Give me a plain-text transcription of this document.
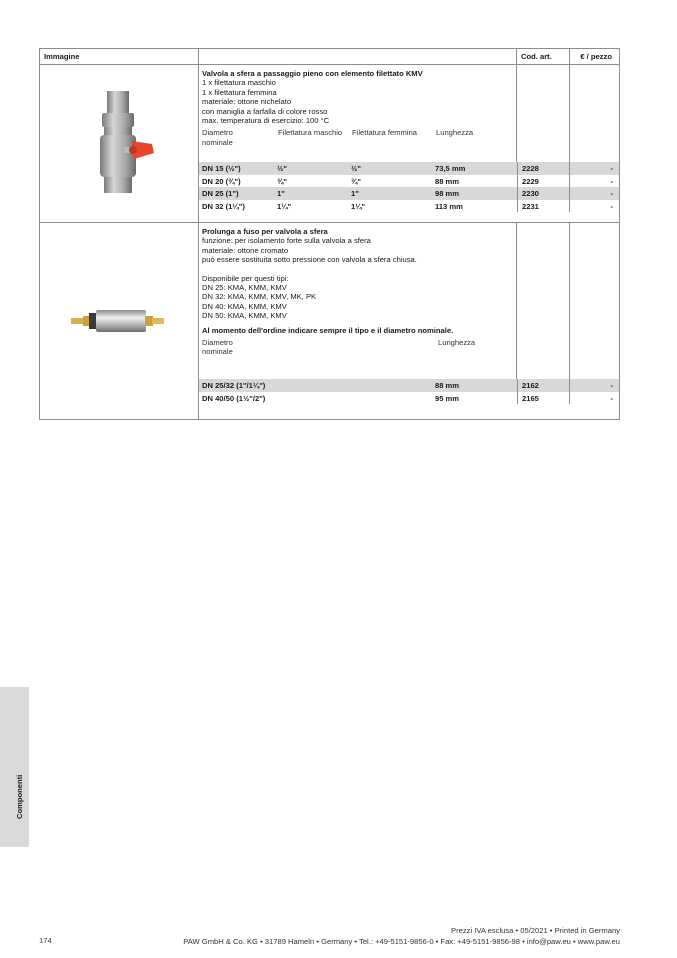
Immagine	Cod. art.	€ / pezzo
Valvola a sfera a passaggio pieno con elemento filettato KMV
1 x filettatura maschio
1 x filettatura femmina
materiale: ottone nichelato
con maniglia a farfalla di colore rosso
max. temperatura di esercizio: 100 °C
Diametro nominale
Filettatura maschio	Filettatura femmina	Lunghezza
DN 15 (½")	½"	½"	73,5 mm	2228	-
DN 20 (¾")	¾"	¾"	88 mm	2229	-
DN 25 (1")	1"	1"	98 mm	2230	-
DN 32 (1¼")	1¼"	1¼"	113 mm	2231	-
Prolunga a fuso per valvola a sfera
funzione: per isolamento forte sulla valvola a sfera
materiale: ottone cromato
può essere sostituita sotto pressione con valvola a sfera chiusa.
Disponibile per questi tipi:
DN 25: KMA, KMM, KMV
DN 32: KMA, KMM, KMV, MK, PK
DN 40: KMA, KMM, KMV
DN 50: KMA, KMM, KMV
Al momento dell'ordine indicare sempre il tipo e il diametro nominale.
Diametro nominale
Lunghezza
DN 25/32 (1"/1¼")	88 mm	2162	-
DN 40/50 (1½"/2")	95 mm	2165	-
Componenti
174
Prezzi IVA esclusa • 05/2021 • Printed in Germany
PAW GmbH & Co. KG • 31789 Hameln • Germany • Tel.: +49-5151-9856-0 • Fax: +49-5151-9856-98 • info@paw.eu • www.paw.eu
